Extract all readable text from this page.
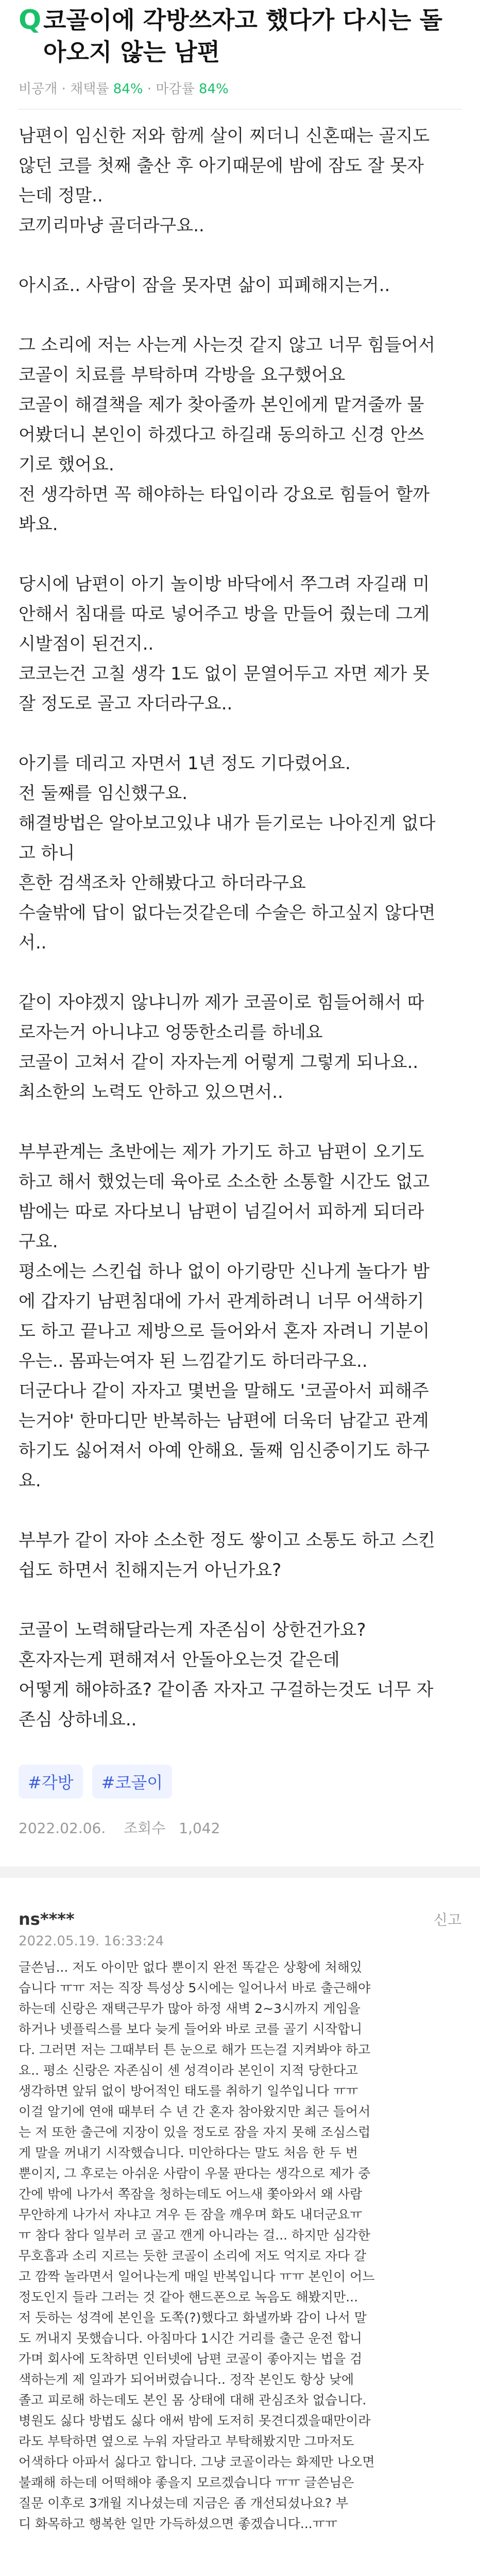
Q 코골이에 각방쓰자고 했다가 다시는 돌
아오지 않는 남편
비공개 · 채택률 84% · 마감률 84%

남편이 임신한 저와 함께 살이 찌더니 신혼때는 골지도
않던 코를 첫째 출산 후 아기때문에 밤에 잠도 잘 못자
는데 정말..
코끼리마냥 골더라구요..

아시죠.. 사람이 잠을 못자면 삶이 피폐해지는거..

그 소리에 저는 사는게 사는것 같지 않고 너무 힘들어서
코골이 치료를 부탁하며 각방을 요구했어요
코골이 해결책을 제가 찾아줄까 본인에게 맡겨줄까 물
어봤더니 본인이 하겠다고 하길래 동의하고 신경 안쓰
기로 했어요.
전 생각하면 꼭 해야하는 타입이라 강요로 힘들어 할까
봐요.

당시에 남편이 아기 놀이방 바닥에서 쭈그려 자길래 미
안해서 침대를 따로 넣어주고 방을 만들어 줬는데 그게
시발점이 된건지..
코코는건 고칠 생각 1도 없이 문열어두고 자면 제가 못
잘 정도로 골고 자더라구요..

아기를 데리고 자면서 1년 정도 기다렸어요.
전 둘째를 임신했구요.
해결방법은 알아보고있냐 내가 듣기로는 나아진게 없다
고 하니
흔한 검색조차 안해봤다고 하더라구요
수술밖에 답이 없다는것같은데 수술은 하고싶지 않다면
서..

같이 자야겠지 않냐니까 제가 코골이로 힘들어해서 따
로자는거 아니냐고 엉뚱한소리를 하네요
코골이 고쳐서 같이 자자는게 어렇게 그렇게 되나요..
최소한의 노력도 안하고 있으면서..

부부관계는 초반에는 제가 가기도 하고 남편이 오기도
하고 해서 했었는데 육아로 소소한 소통할 시간도 없고
밤에는 따로 자다보니 남편이 넘길어서 피하게 되더라
구요.
평소에는 스킨쉽 하나 없이 아기랑만 신나게 놀다가 밤
에 갑자기 남편침대에 가서 관계하려니 너무 어색하기
도 하고 끝나고 제방으로 들어와서 혼자 자려니 기분이
우는.. 몸파는여자 된 느낌같기도 하더라구요..
더군다나 같이 자자고 몇번을 말해도 '코골아서 피해주
는거야' 한마디만 반복하는 남편에 더욱더 남같고 관계
하기도 싫어져서 아예 안해요. 둘째 임신중이기도 하구
요.

부부가 같이 자야 소소한 정도 쌓이고 소통도 하고 스킨
쉽도 하면서 친해지는거 아닌가요?

코골이 노력해달라는게 자존심이 상한건가요?
혼자자는게 편해져서 안돌아오는것 같은데
어떻게 해야하죠? 같이좀 자자고 구걸하는것도 너무 자
존심 상하네요..

#각방	#코골이
2022.02.06. 조회수 1,042
ns****	신고
2022.05.19. 16:33:24
글쓴님... 저도 아이만 없다 뿐이지 완전 똑같은 상황에 처해있
습니다 ㅠㅠ 저는 직장 특성상 5시에는 일어나서 바로 출근해야
하는데 신랑은 재택근무가 많아 하정 새벽 2~3시까지 게임을
하거나 넷플릭스를 보다 늦게 들어와 바로 코를 골기 시작합니
다. 그러면 저는 그때부터 튼 눈으로 해가 뜨는걸 지켜봐야 하고
요.. 평소 신랑은 자존심이 센 성격이라 본인이 지적 당한다고
생각하면 앞뒤 없이 방어적인 태도를 취하기 일쑤입니다 ㅠㅠ
이걸 알기에 연애 때부터 수 년 간 혼자 참아왔지만 최근 들어서
는 저 또한 출근에 지장이 있을 정도로 잠을 자지 못해 조심스럽
게 말을 꺼내기 시작했습니다. 미안하다는 말도 처음 한 두 번
뿐이지, 그 후로는 아쉬운 사람이 우물 판다는 생각으로 제가 중
간에 밖에 나가서 쪽잠을 청하는데도 어느새 쫓아와서 왜 사람
무안하게 나가서 자냐고 겨우 든 잠을 깨우며 화도 내더군요ㅠ
ㅠ 참다 참다 일부러 코 골고 깬게 아니라는 걸... 하지만 심각한
무호흡과 소리 지르는 듯한 코골이 소리에 저도 억지로 자다 갈
고 깜짝 놀라면서 일어나는게 매일 반복입니다 ㅠㅠ 본인이 어느
정도인지 들라 그러는 것 같아 핸드폰으로 녹음도 해봤지만...
저 듯하는 성격에 본인을 도쪽(?)했다고 화낼까봐 감이 나서 말
도 꺼내지 못했습니다. 아침마다 1시간 거리를 출근 운전 합니
가며 회사에 도착하면 인터넷에 남편 코골이 좋아지는 법을 검
색하는게 제 일과가 되어버렸습니다.. 정작 본인도 항상 낮에
졸고 피로해 하는데도 본인 몸 상태에 대해 관심조차 없습니다.
병원도 싫다 방법도 싫다 애써 밤에 도저히 못견디겠을때만이라
라도 부탁하면 옆으로 누워 자달라고 부탁해봤지만 그마저도
어색하다 아파서 싫다고 합니다. 그냥 코골이라는 화제만 나오면
불쾌해 하는데 어떡해야 좋을지 모르겠습니다 ㅠㅠ 글쓴님은
질문 이후로 3개월 지나셨는데 지금은 좀 개선되셨나요? 부
디 화목하고 행복한 일만 가득하셨으면 좋겠습니다...ㅠㅠ
